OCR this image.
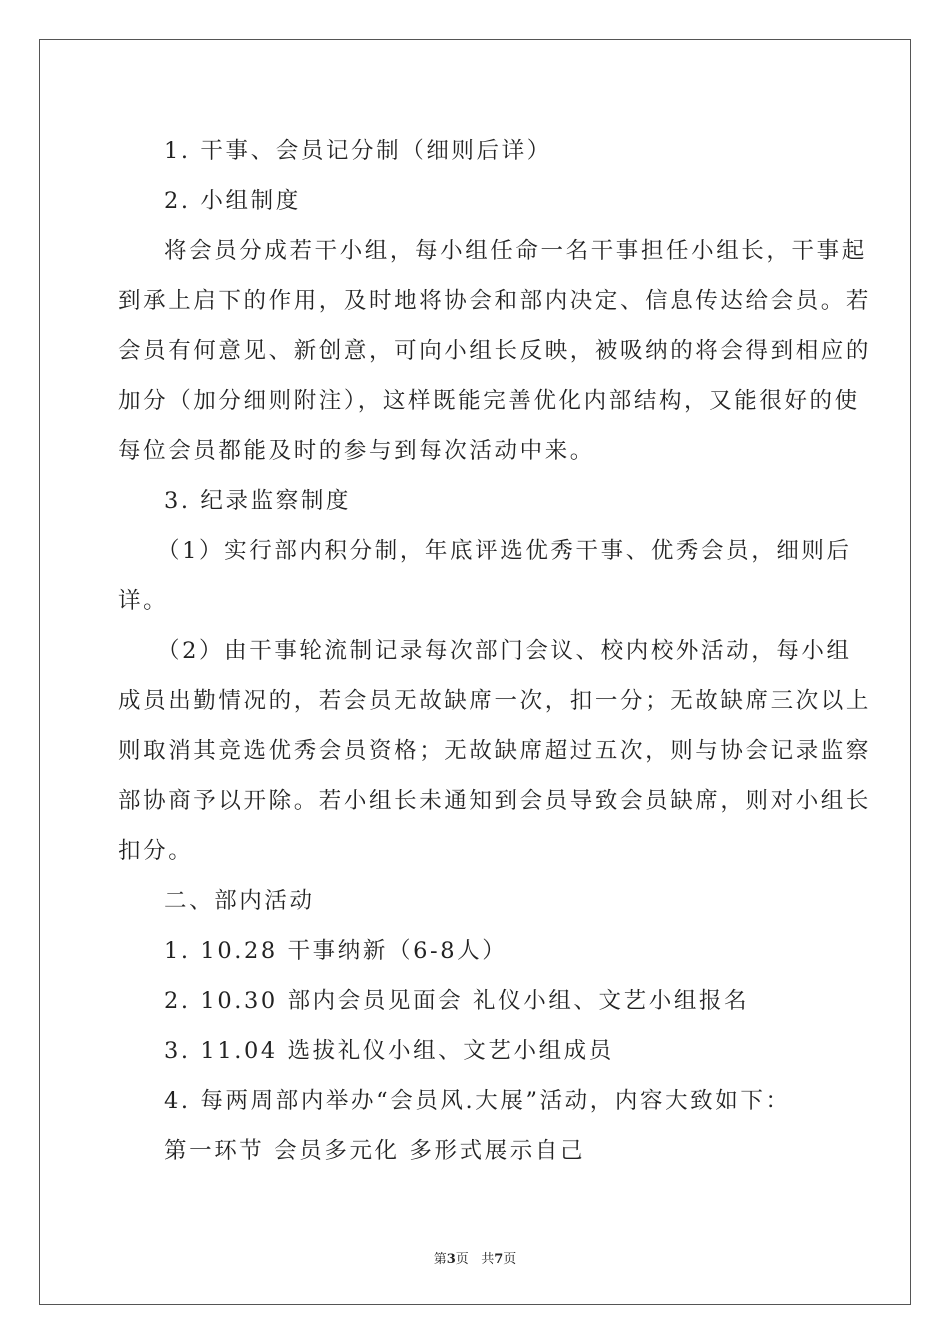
1. 干事、会员记分制（细则后详）
2. 小组制度
将会员分成若干小组，每小组任命一名干事担任小组长，干事起
到承上启下的作用，及时地将协会和部内决定、信息传达给会员。若
会员有何意见、新创意，可向小组长反映，被吸纳的将会得到相应的
加分（加分细则附注），这样既能完善优化内部结构，又能很好的使
每位会员都能及时的参与到每次活动中来。
3. 纪录监察制度
（1）实行部内积分制，年底评选优秀干事、优秀会员，细则后
详。
（2）由干事轮流制记录每次部门会议、校内校外活动，每小组
成员出勤情况的，若会员无故缺席一次，扣一分；无故缺席三次以上
则取消其竞选优秀会员资格；无故缺席超过五次，则与协会记录监察
部协商予以开除。若小组长未通知到会员导致会员缺席，则对小组长
扣分。
二、部内活动
1. 10.28 干事纳新（6-8人）
2. 10.30 部内会员见面会 礼仪小组、文艺小组报名
3. 11.04 选拔礼仪小组、文艺小组成员
4. 每两周部内举办“会员风.大展”活动，内容大致如下：
第一环节 会员多元化 多形式展示自己
第3页   共7页
